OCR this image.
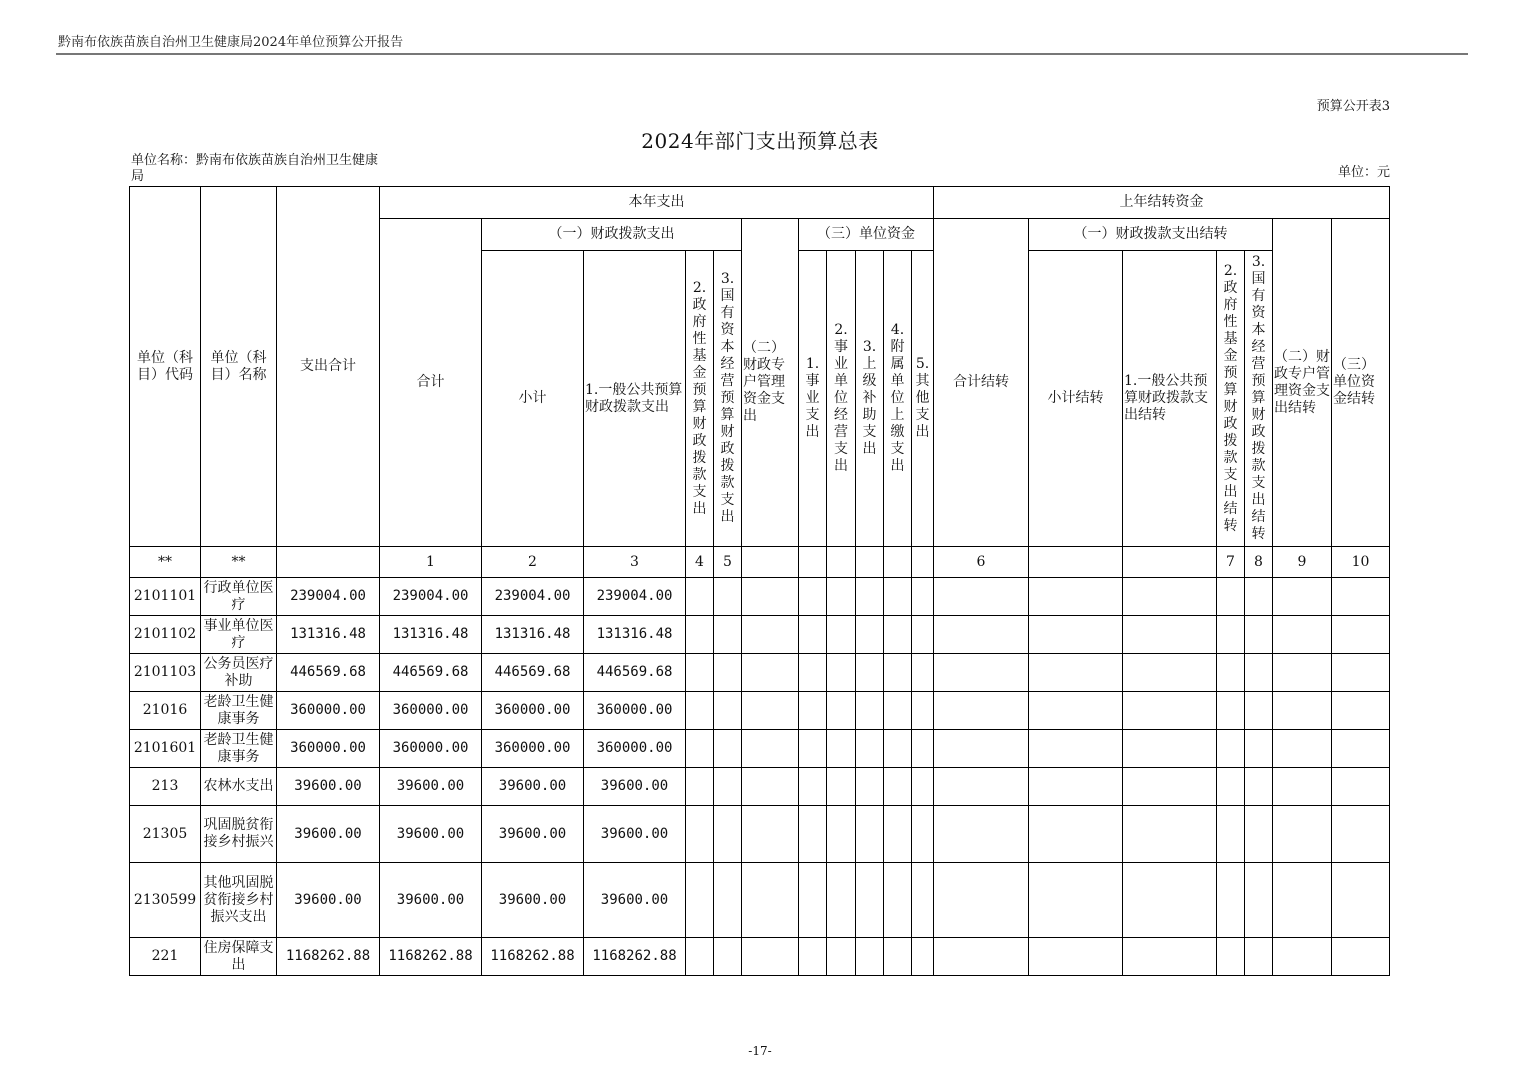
黔南布依族苗族自治州卫生健康局2024年单位预算公开报告
预算公开表3
2024年部门支出预算总表
单位名称：黔南布依族苗族自治州卫生健康局	单位：元
单位（科目）代码	单位（科目）名称	支出合计	本年支出											上年结转资金						
			合计	（一）财政拨款支出				（二）财政专户管理资金支出	（三）单位资金					合计结转	（一）财政拨款支出结转				（二）财政专户管理资金支出结转	（三）单位资金结转

				小计	1.一般公共预算财政拨款支出	2.政府性基金预算财政拨款支出	3.国有资本经营预算财政拨款支出		1.事业支出	2.事业单位经营支出	3.上级补助支出	4.附属单位上缴支出	5.其他支出		小计结转	1.一般公共预算财政拨款支出结转	2.政府性基金预算财政拨款支出结转	3.国有资本经营预算财政拨款支出结转		

**	**		1	2	3	4	5							6			7	8	9	10
2101101	行政单位医疗	239004.00	239004.00	239004.00	239004.00															
2101102	事业单位医疗	131316.48	131316.48	131316.48	131316.48															
2101103	公务员医疗补助	446569.68	446569.68	446569.68	446569.68															
21016	老龄卫生健康事务	360000.00	360000.00	360000.00	360000.00															
2101601	老龄卫生健康事务	360000.00	360000.00	360000.00	360000.00															
213	农林水支出	39600.00	39600.00	39600.00	39600.00															
21305	巩固脱贫衔接乡村振兴	39600.00	39600.00	39600.00	39600.00															
2130599	其他巩固脱贫衔接乡村振兴支出	39600.00	39600.00	39600.00	39600.00															
221	住房保障支出	1168262.88	1168262.88	1168262.88	1168262.88															
-17-
